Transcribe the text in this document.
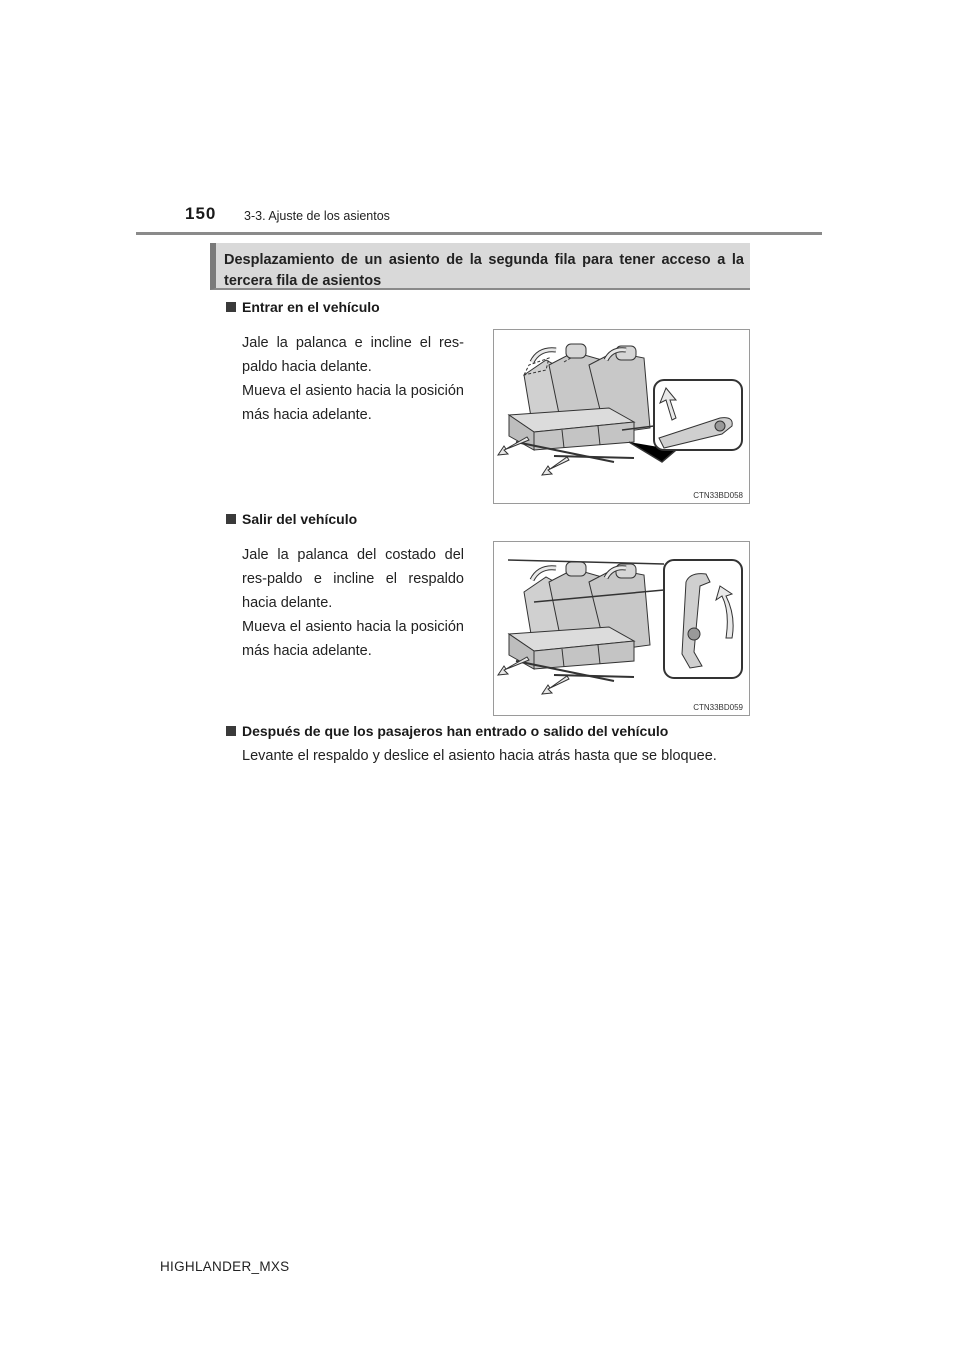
150 3-3. Ajuste de los asientos
Desplazamiento de un asiento de la segunda fila para tener acceso a la tercera fila de asientos
Entrar en el vehículo
Jale la palanca e incline el res-paldo hacia delante.
Mueva el asiento hacia la posición más hacia adelante.
CTN33BD058
Salir del vehículo
Jale la palanca del costado del res-paldo e incline el respaldo hacia delante.
Mueva el asiento hacia la posición más hacia adelante.
CTN33BD059
Después de que los pasajeros han entrado o salido del vehículo
Levante el respaldo y deslice el asiento hacia atrás hasta que se bloquee.
HIGHLANDER_MXS
